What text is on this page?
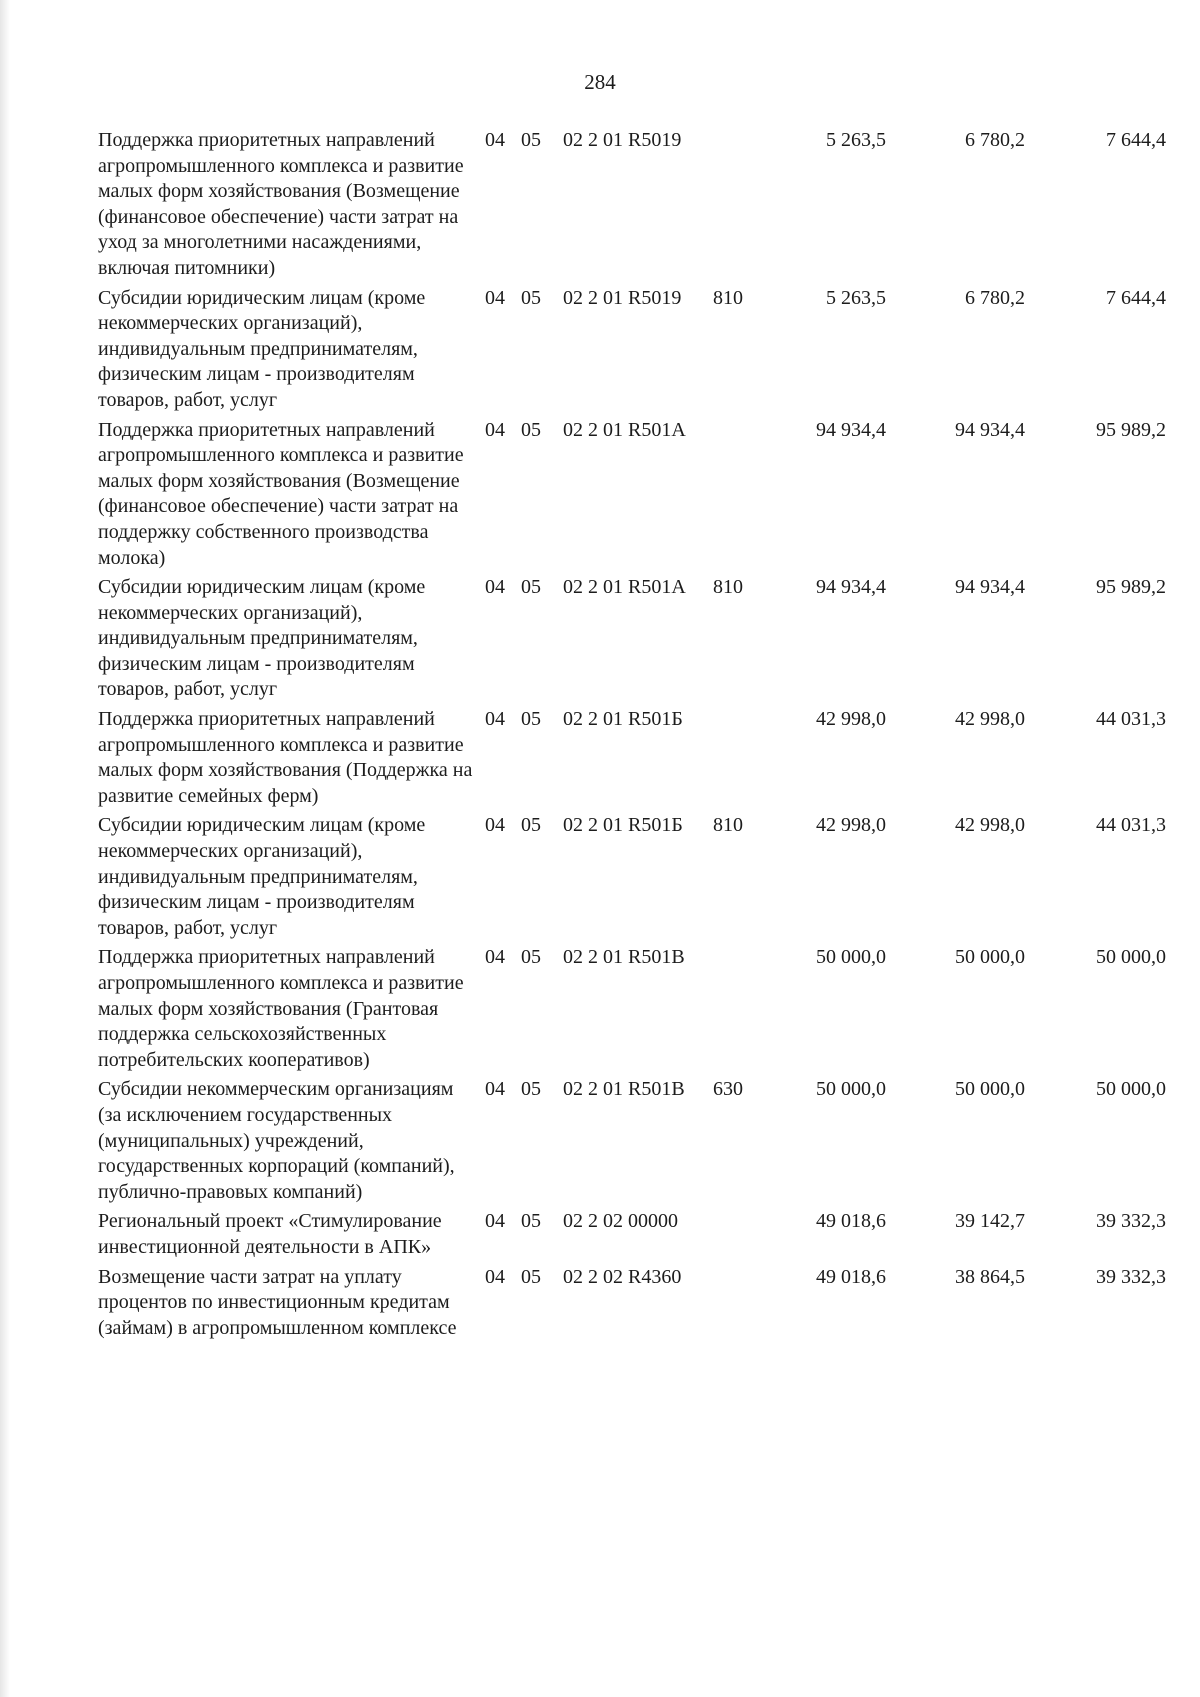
284
Поддержка приоритетных направлений агропромышленного комплекса и развитие малых форм хозяйствования (Возмещение (финансовое обеспечение) части затрат на уход за многолетними насаждениями, включая питомники)
04 05 02 2 01 R5019	5 263,5	6 780,2	7 644,4
Субсидии юридическим лицам (кроме некоммерческих организаций), индивидуальным предпринимателям, физическим лицам - производителям товаров, работ, услуг
04 05 02 2 01 R5019 810	5 263,5	6 780,2	7 644,4
Поддержка приоритетных направлений агропромышленного комплекса и развитие малых форм хозяйствования (Возмещение (финансовое обеспечение) части затрат на поддержку собственного производства молока)
04 05 02 2 01 R501А	94 934,4	94 934,4	95 989,2
Субсидии юридическим лицам (кроме некоммерческих организаций), индивидуальным предпринимателям, физическим лицам - производителям товаров, работ, услуг
04 05 02 2 01 R501А 810	94 934,4	94 934,4	95 989,2
Поддержка приоритетных направлений агропромышленного комплекса и развитие малых форм хозяйствования (Поддержка на развитие семейных ферм)
04 05 02 2 01 R501Б	42 998,0	42 998,0	44 031,3
Субсидии юридическим лицам (кроме некоммерческих организаций), индивидуальным предпринимателям, физическим лицам - производителям товаров, работ, услуг
04 05 02 2 01 R501Б 810	42 998,0	42 998,0	44 031,3
Поддержка приоритетных направлений агропромышленного комплекса и развитие малых форм хозяйствования (Грантовая поддержка сельскохозяйственных потребительских кооперативов)
04 05 02 2 01 R501В	50 000,0	50 000,0	50 000,0
Субсидии некоммерческим организациям (за исключением государственных (муниципальных) учреждений, государственных корпораций (компаний), публично-правовых компаний)
04 05 02 2 01 R501В 630	50 000,0	50 000,0	50 000,0
Региональный проект «Стимулирование инвестиционной деятельности в АПК»
04 05 02 2 02 00000	49 018,6	39 142,7	39 332,3
Возмещение части затрат на уплату процентов по инвестиционным кредитам (займам) в агропромышленном комплексе
04 05 02 2 02 R4360	49 018,6	38 864,5	39 332,3
